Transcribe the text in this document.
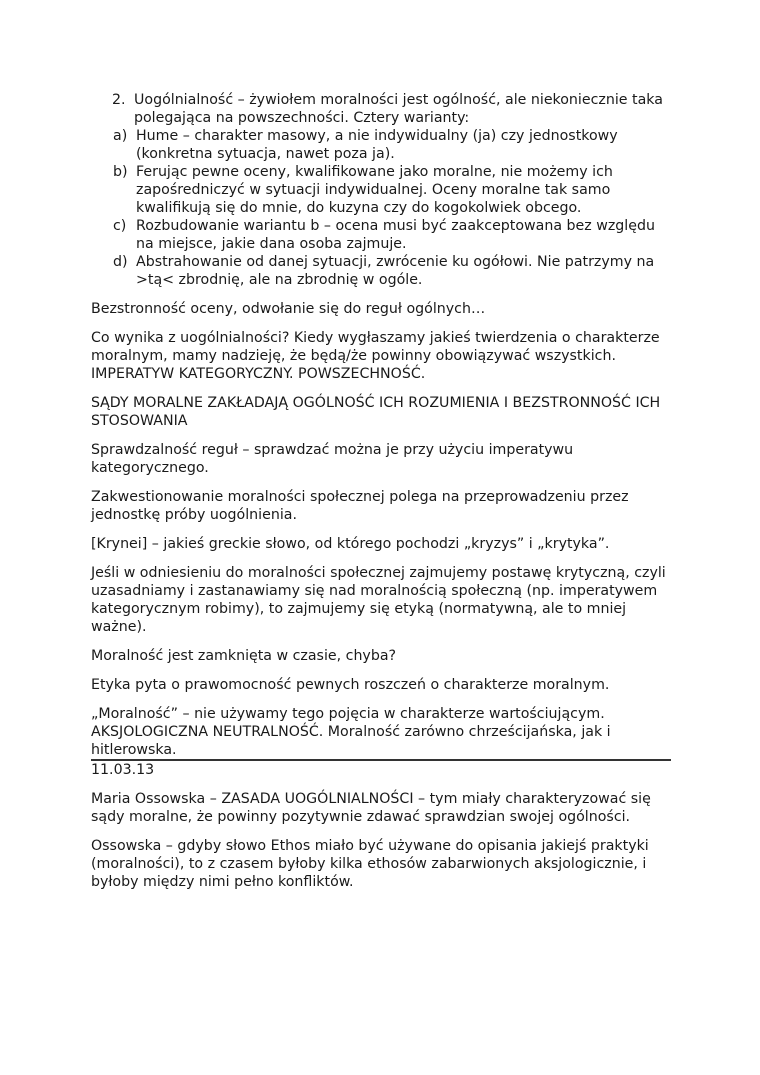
2. Uogólnialność – żywiołem moralności jest ogólność, ale niekoniecznie taka polegająca na powszechności. Cztery warianty:
a) Hume – charakter masowy, a nie indywidualny (ja) czy jednostkowy (konkretna sytuacja, nawet poza ja).
b) Ferując pewne oceny, kwalifikowane jako moralne, nie możemy ich zapośredniczyć w sytuacji indywidualnej. Oceny moralne tak samo kwalifikują się do mnie, do kuzyna czy do kogokolwiek obcego.
c) Rozbudowanie wariantu b – ocena musi być zaakceptowana bez względu na miejsce, jakie dana osoba zajmuje.
d) Abstrahowanie od danej sytuacji, zwrócenie ku ogółowi. Nie patrzymy na >tą< zbrodnię, ale na zbrodnię w ogóle.

Bezstronność oceny, odwołanie się do reguł ogólnych…

Co wynika z uogólnialności? Kiedy wygłaszamy jakieś twierdzenia o charakterze moralnym, mamy nadzieję, że będą/że powinny obowiązywać wszystkich. IMPERATYW KATEGORYCZNY. POWSZECHNOŚĆ.

SĄDY MORALNE ZAKŁADAJĄ OGÓLNOŚĆ ICH ROZUMIENIA I BEZSTRONNOŚĆ ICH STOSOWANIA

Sprawdzalność reguł – sprawdzać można je przy użyciu imperatywu kategorycznego.

Zakwestionowanie moralności społecznej polega na przeprowadzeniu przez jednostkę próby uogólnienia.

[Krynei] – jakieś greckie słowo, od którego pochodzi „kryzys” i „krytyka”.

Jeśli w odniesieniu do moralności społecznej zajmujemy postawę krytyczną, czyli uzasadniamy i zastanawiamy się nad moralnością społeczną (np. imperatywem kategorycznym robimy), to zajmujemy się etyką (normatywną, ale to mniej ważne).

Moralność jest zamknięta w czasie, chyba?

Etyka pyta o prawomocność pewnych roszczeń o charakterze moralnym.

„Moralność” – nie używamy tego pojęcia w charakterze wartościującym. AKSJOLOGICZNA NEUTRALNOŚĆ. Moralność zarówno chrześcijańska, jak i hitlerowska.

11.03.13

Maria Ossowska – ZASADA UOGÓLNIALNOŚCI – tym miały charakteryzować się sądy moralne, że powinny pozytywnie zdawać sprawdzian swojej ogólności.

Ossowska – gdyby słowo Ethos miało być używane do opisania jakiejś praktyki (moralności), to z czasem byłoby kilka ethosów zabarwionych aksjologicznie, i byłoby między nimi pełno konfliktów.
